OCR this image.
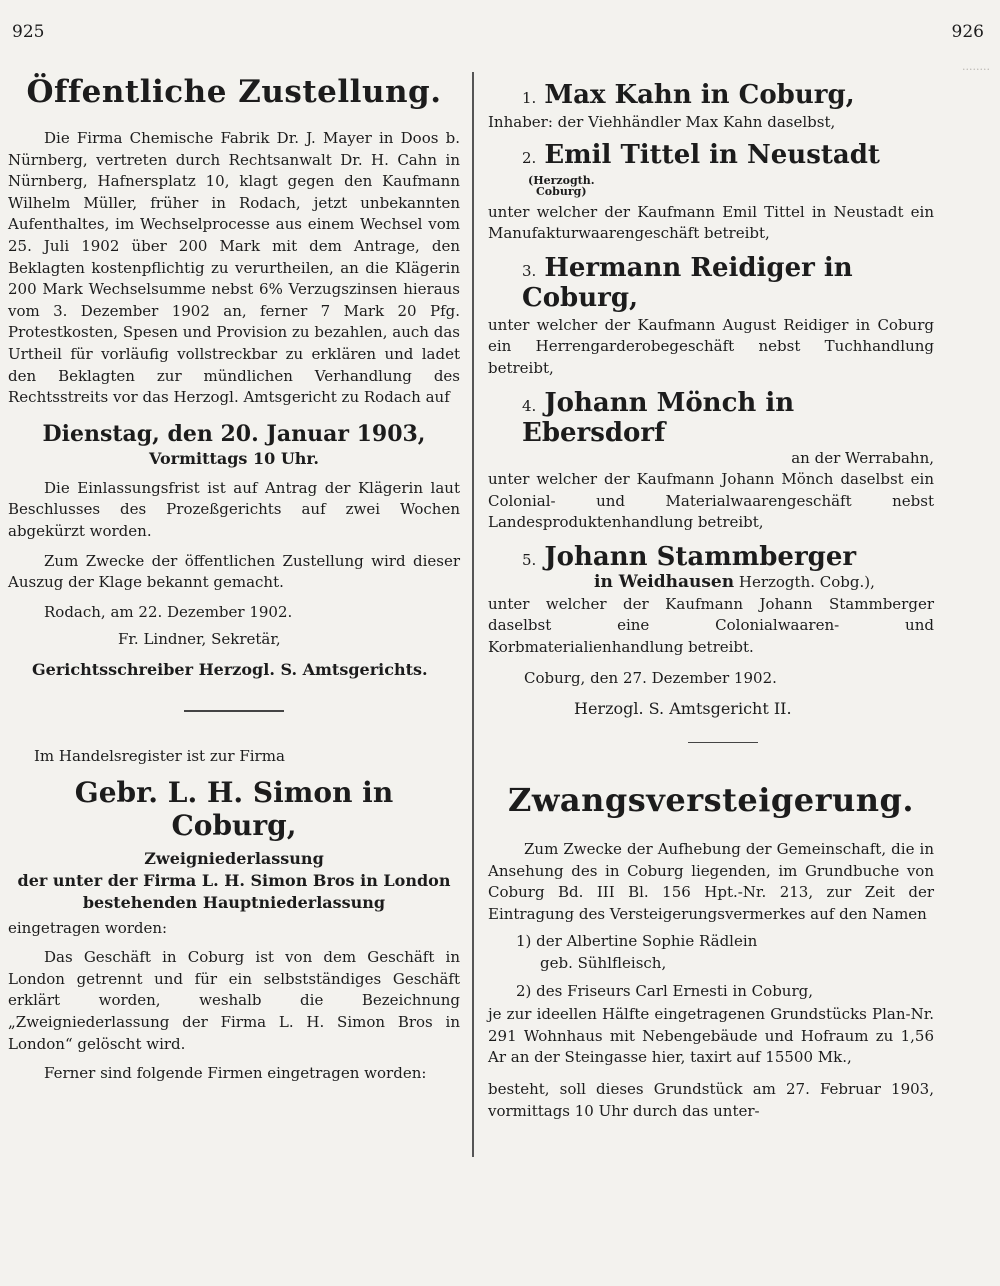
925	926

Öffentliche Zustellung.

Die Firma Chemische Fabrik Dr. J. Mayer in Doos b. Nürnberg, vertreten durch Rechtsanwalt Dr. H. Cahn in Nürnberg, Hafnersplatz 10, klagt gegen den Kaufmann Wilhelm Müller, früher in Rodach, jetzt unbekannten Aufenthaltes, im Wechselprocesse aus einem Wechsel vom 25. Juli 1902 über 200 Mark mit dem Antrage, den Beklagten kostenpflichtig zu verurtheilen, an die Klägerin 200 Mark Wechselsumme nebst 6% Verzugszinsen hieraus vom 3. Dezember 1902 an, ferner 7 Mark 20 Pfg. Protestkosten, Spesen und Provision zu bezahlen, auch das Urtheil für vorläufig vollstreckbar zu erklären und ladet den Beklagten zur mündlichen Verhandlung des Rechtsstreits vor das Herzogl. Amtsgericht zu Rodach auf

Dienstag, den 20. Januar 1903,

Vormittags 10 Uhr.

Die Einlassungsfrist ist auf Antrag der Klägerin laut Beschlusses des Prozeßgerichts auf zwei Wochen abgekürzt worden.

Zum Zwecke der öffentlichen Zustellung wird dieser Auszug der Klage bekannt gemacht.

Rodach, am 22. Dezember 1902.

Fr. Lindner, Sekretär,

Gerichtsschreiber Herzogl. S. Amtsgerichts.

Im Handelsregister ist zur Firma

Gebr. L. H. Simon in Coburg,

Zweigniederlassung

der unter der Firma L. H. Simon Bros in London

bestehenden Hauptniederlassung

eingetragen worden:

Das Geschäft in Coburg ist von dem Geschäft in London getrennt und für ein selbstständiges Geschäft erklärt worden, weshalb die Bezeichnung „Zweigniederlassung der Firma L. H. Simon Bros in London“ gelöscht wird.

Ferner sind folgende Firmen eingetragen worden:

........

1. Max Kahn in Coburg,

Inhaber: der Viehhändler Max Kahn daselbst,

2. Emil Tittel in Neustadt(Herzogth.
Coburg)

unter welcher der Kaufmann Emil Tittel in Neustadt ein Manufakturwaarengeschäft betreibt,

3. Hermann Reidiger in Coburg,

unter welcher der Kaufmann August Reidiger in Coburg ein Herrengarderobegeschäft nebst Tuchhandlung betreibt,

4. Johann Mönch in Ebersdorf

an der Werrabahn,

unter welcher der Kaufmann Johann Mönch daselbst ein Colonial- und Materialwaarengeschäft nebst Landesproduktenhandlung betreibt,

5. Johann Stammberger

in Weidhausen Herzogth. Cobg.),

unter welcher der Kaufmann Johann Stammberger daselbst eine Colonialwaaren- und Korbmaterialienhandlung betreibt.

Coburg, den 27. Dezember 1902.

Herzogl. S. Amtsgericht II.

Zwangsversteigerung.

Zum Zwecke der Aufhebung der Gemeinschaft, die in Ansehung des in Coburg liegenden, im Grundbuche von Coburg Bd. III Bl. 156 Hpt.-Nr. 213, zur Zeit der Eintragung des Versteigerungsvermerkes auf den Namen

1) der Albertine Sophie Rädlein

geb. Sühlfleisch,

2) des Friseurs Carl Ernesti in Coburg,

je zur ideellen Hälfte eingetragenen Grundstücks Plan-Nr. 291 Wohnhaus mit Nebengebäude und Hofraum zu 1,56 Ar an der Steingasse hier, taxirt auf 15500 Mk.,

besteht, soll dieses Grundstück am 27. Februar 1903, vormittags 10 Uhr durch das unter-
